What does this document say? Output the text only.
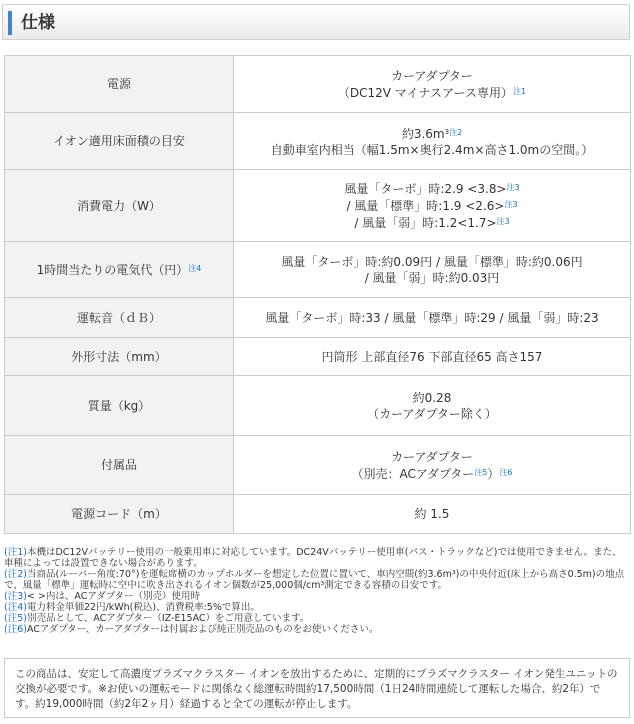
仕様
電源	カーアダプター
（DC12V マイナスアース専用）$^{注1}$
イオン適用床面積の目安	約3.6m$^{3注2}$
自動車室内相当（幅1.5m×奥行2.4m×高さ1.0mの空間。）
消費電力（W）	風量「ターボ」時:2.9 <3.8>$^{注3}$
/ 風量「標準」時:1.9 <2.6>$^{注3}$
/ 風量「弱」時:1.2<1.7>$^{注3}$
1時間当たりの電気代（円）$^{注4}$	風量「ターボ」時:約0.09円 / 風量「標準」時:約0.06円
/ 風量「弱」時:約0.03円
運転音（ｄＢ）	風量「ターボ」時:33 / 風量「標準」時:29 / 風量「弱」時:23
外形寸法（mm）	円筒形 上部直径76 下部直径65 高さ157
質量（kg）	約0.28
（カーアダプター除く）
付属品	カーアダプター
（別売：ACアダプター$^{注5}$）$^{注6}$
電源コード（m）	約 1.5

(注1)本機はDC12Vバッテリー使用の一般乗用車に対応しています。DC24Vバッテリー使用車(バス・トラックなど)では使用できません。また、車種によっては設置できない場合があります。

(注2)当商品(ルーバー角度:70°)を運転席横のカップホルダーを想定した位置に置いて、車内空間(約3.6m³)の中央付近(床上から高さ0.5m)の地点で、風量「標準」運転時に空中に吹き出されるイオン個数が25,000個/cm³測定できる容積の目安です。

(注3)< >内は、ACアダプター（別売）使用時

(注4)電力料金単価22円/kWh(税込)、消費税率:5%で算出。

(注5)別売品として、ACアダプター（IZ-E15AC）をご用意しています。

(注6)ACアダプター、カーアダプターは付属および純正別売品のものをお使いください。

この商品は、安定して高濃度プラズマクラスター イオンを放出するために、定期的にプラズマクラスター イオン発生ユニットの交換が必要です。※お使いの運転モードに関係なく総運転時間約17,500時間（1日24時間連続して運転した場合、約2年）です。約19,000時間（約2年2ヶ月）経過すると全ての運転が停止します。
